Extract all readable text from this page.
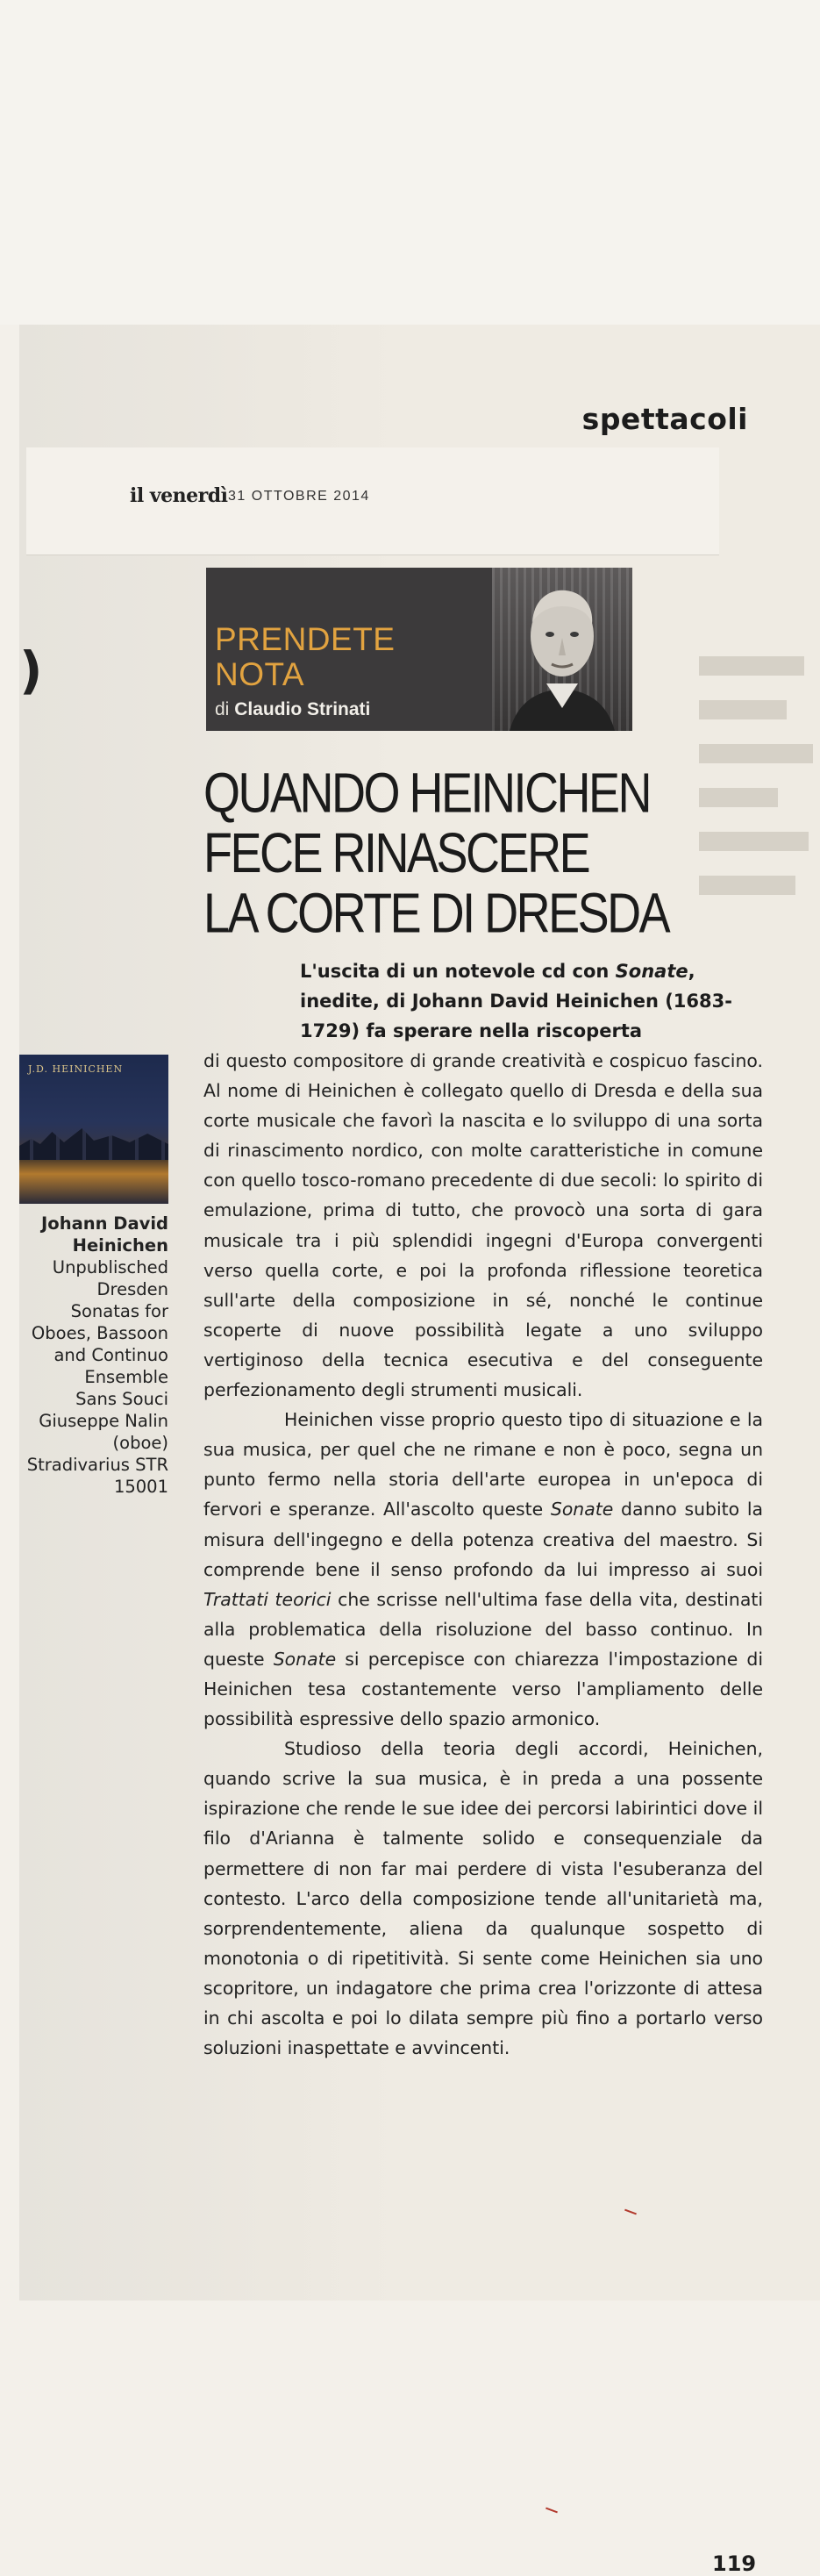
spettacoli
il venerdì 31 OTTOBRE 2014
)
J.D. HEINICHEN
Johann David Heinichen
Unpublisched
Dresden
Sonatas for
Oboes, Bassoon
and Continuo
Ensemble
Sans Souci
Giuseppe Nalin
(oboe)
Stradivarius STR
15001
PRENDETE
NOTA
di Claudio Strinati
QUANDO HEINICHEN
FECE RINASCERE
LA CORTE DI DRESDA
L'uscita di un notevole cd con Sonate, inedite, di Johann David Heinichen (1683-1729) fa sperare nella riscoperta

di questo compositore di grande creatività e cospicuo fascino. Al nome di Heinichen è collegato quello di Dresda e della sua corte musicale che favorì la nascita e lo sviluppo di una sorta di rinascimento nordico, con molte caratteristiche in comune con quello tosco-romano precedente di due secoli: lo spirito di emulazione, prima di tutto, che provocò una sorta di gara musicale tra i più splendidi ingegni d'Europa convergenti verso quella corte, e poi la profonda riflessione teoretica sull'arte della composizione in sé, nonché le continue scoperte di nuove possibilità legate a uno sviluppo vertiginoso della tecnica esecutiva e del conseguente perfezionamento degli strumenti musicali.

Heinichen visse proprio questo tipo di situazione e la sua musica, per quel che ne rimane e non è poco, segna un punto fermo nella storia dell'arte europea in un'epoca di fervori e speranze. All'ascolto queste Sonate danno subito la misura dell'ingegno e della potenza creativa del maestro. Si comprende bene il senso profondo da lui impresso ai suoi Trattati teorici che scrisse nell'ultima fase della vita, destinati alla problematica della risoluzione del basso continuo. In queste Sonate si percepisce con chiarezza l'impostazione di Heinichen tesa costantemente verso l'ampliamento delle possibilità espressive dello spazio armonico.

Studioso della teoria degli accordi, Heinichen, quando scrive la sua musica, è in preda a una possente ispirazione che rende le sue idee dei percorsi labirintici dove il filo d'Arianna è talmente solido e consequenziale da permettere di non far mai perdere di vista l'esuberanza del contesto. L'arco della composizione tende all'unitarietà ma, sorprendentemente, aliena da qualunque sospetto di monotonia o di ripetitività. Si sente come Heinichen sia uno scopritore, un indagatore che prima crea l'orizzonte di attesa in chi ascolta e poi lo dilata sempre più fino a portarlo verso soluzioni inaspettate e avvincenti.

119
